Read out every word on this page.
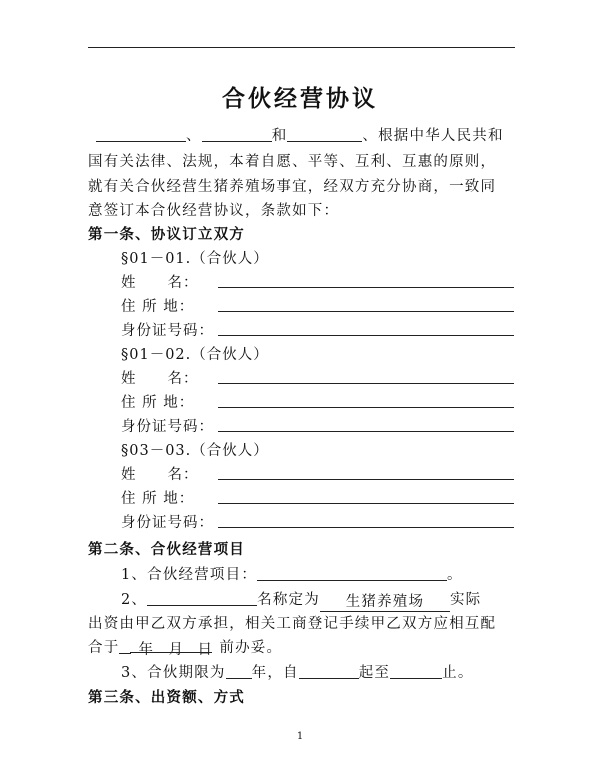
合伙经营协议
、	和	、根据中华人民共和
国有关法律、法规，本着自愿、平等、互利、互惠的原则，
就有关合伙经营生猪养殖场事宜，经双方充分协商，一致同
意签订本合伙经营协议，条款如下：
第一条、协议订立双方
§01－01.（合伙人）
姓　　名：
住 所 地：
身份证号码：
§01－02.（合伙人）
姓　　名：
住 所 地：
身份证号码：
§03－03.（合伙人）
姓　　名：
住 所 地：
身份证号码：
第二条、合伙经营项目
1、合伙经营项目：	。
2、	名称定为 生猪养殖场 实际
出资由甲乙双方承担，相关工商登记手续甲乙双方应相互配
合于 年 月 日 前办妥。
3、合伙期限为 年，自	起至	止。
第三条、出资额、方式
1
